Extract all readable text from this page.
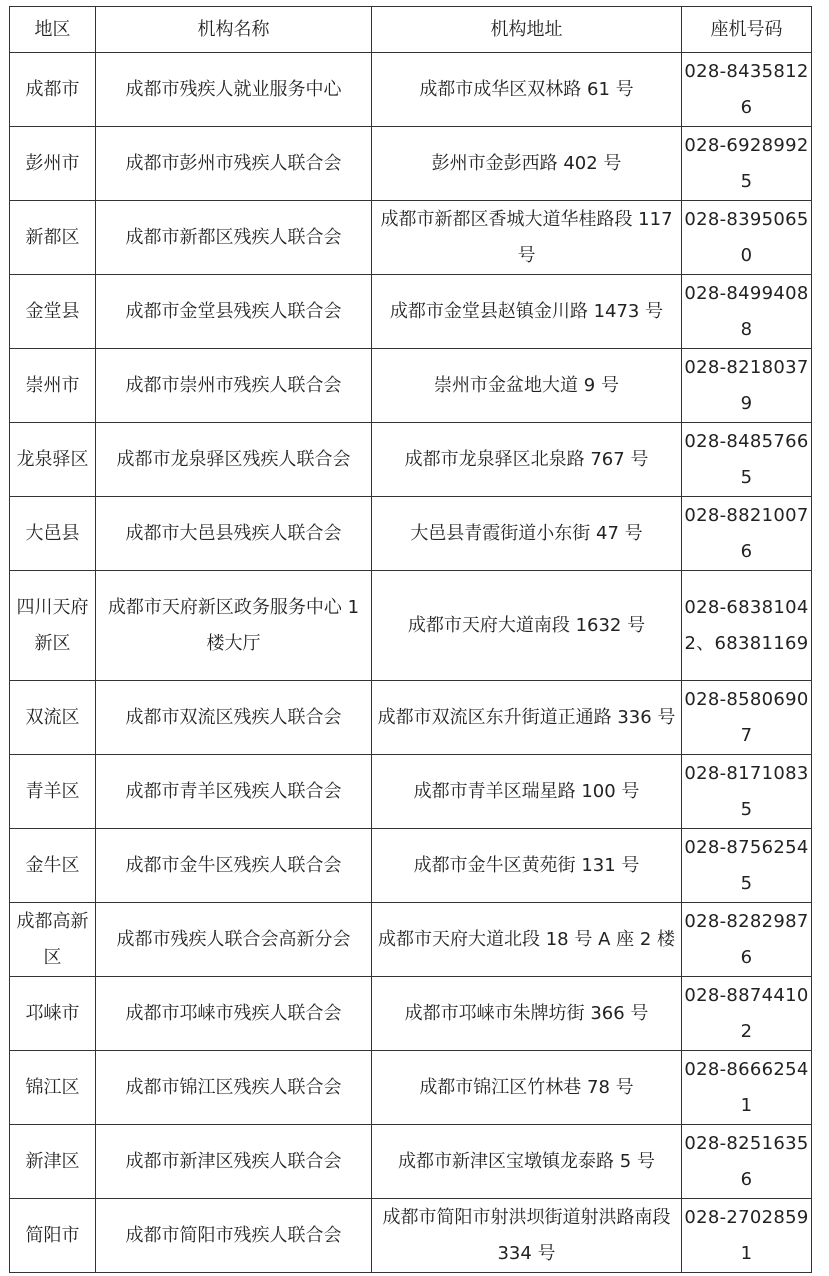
地区	机构名称	机构地址	座机号码
成都市	成都市残疾人就业服务中心	成都市成华区双林路 61 号	028-84358126
彭州市	成都市彭州市残疾人联合会	彭州市金彭西路 402 号	028-69289925
新都区	成都市新都区残疾人联合会	成都市新都区香城大道华桂路段 117 号	028-83950650
金堂县	成都市金堂县残疾人联合会	成都市金堂县赵镇金川路 1473 号	028-84994088
崇州市	成都市崇州市残疾人联合会	崇州市金盆地大道 9 号	028-82180379
龙泉驿区	成都市龙泉驿区残疾人联合会	成都市龙泉驿区北泉路 767 号	028-84857665
大邑县	成都市大邑县残疾人联合会	大邑县青霞街道小东街 47 号	028-88210076
四川天府新区	成都市天府新区政务服务中心 1 楼大厅	成都市天府大道南段 1632 号	028-68381042、68381169
双流区	成都市双流区残疾人联合会	成都市双流区东升街道正通路 336 号	028-85806907
青羊区	成都市青羊区残疾人联合会	成都市青羊区瑞星路 100 号	028-81710835
金牛区	成都市金牛区残疾人联合会	成都市金牛区黄苑街 131 号	028-87562545
成都高新区	成都市残疾人联合会高新分会	成都市天府大道北段 18 号 A 座 2 楼	028-82829876
邛崃市	成都市邛崃市残疾人联合会	成都市邛崃市朱牌坊街 366 号	028-88744102
锦江区	成都市锦江区残疾人联合会	成都市锦江区竹林巷 78 号	028-86662541
新津区	成都市新津区残疾人联合会	成都市新津区宝墩镇龙泰路 5 号	028-82516356
简阳市	成都市简阳市残疾人联合会	成都市简阳市射洪坝街道射洪路南段 334 号	028-27028591
